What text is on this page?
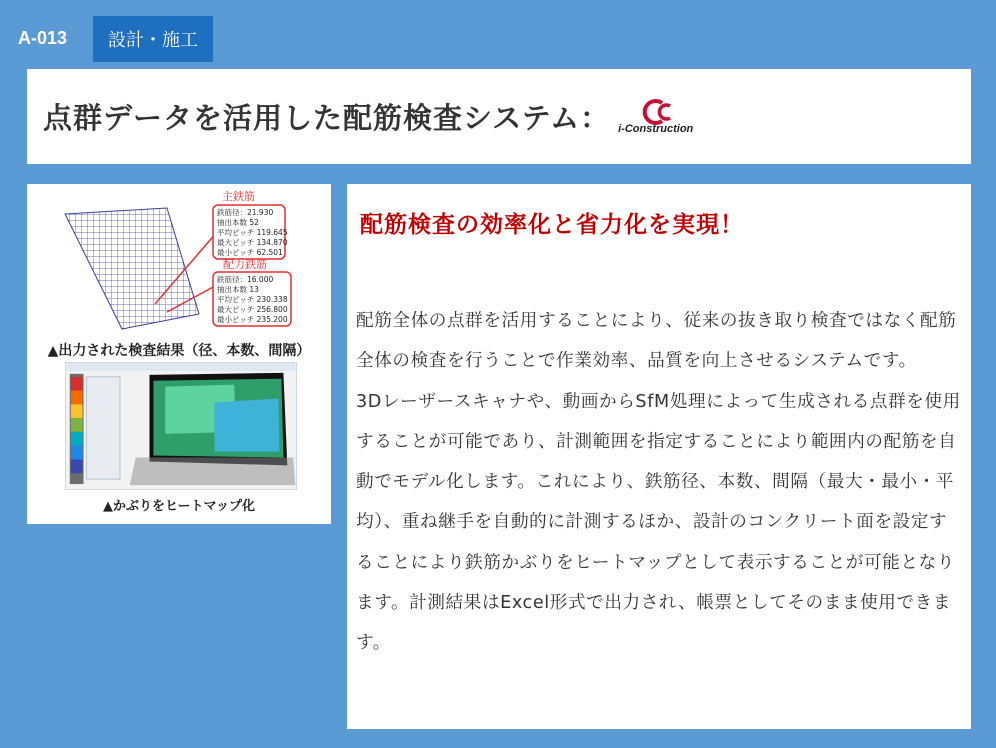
A-013	設計・施工
点群データを活用した配筋検査システム： i-Construction
主鉄筋
鉄筋径：21.930 抽出本数 52 平均ピッチ 119.645 最大ピッチ 134.870 最小ピッチ 62.501
配力鉄筋
鉄筋径：16.000 抽出本数 13 平均ピッチ 230.338 最大ピッチ 256.800 最小ピッチ 235.200
▲出力された検査結果（径、本数、間隔）
▲かぶりをヒートマップ化
配筋検査の効率化と省力化を実現！

配筋全体の点群を活用することにより、従来の抜き取り検査ではなく配筋全体の検査を行うことで作業効率、品質を向上させるシステムです。

3Dレーザースキャナや、動画からSfM処理によって生成される点群を使用することが可能であり、計測範囲を指定することにより範囲内の配筋を自動でモデル化します。これにより、鉄筋径、本数、間隔（最大・最小・平均）、重ね継手を自動的に計測するほか、設計のコンクリート面を設定することにより鉄筋かぶりをヒートマップとして表示することが可能となります。計測結果はExcel形式で出力され、帳票としてそのまま使用できます。
